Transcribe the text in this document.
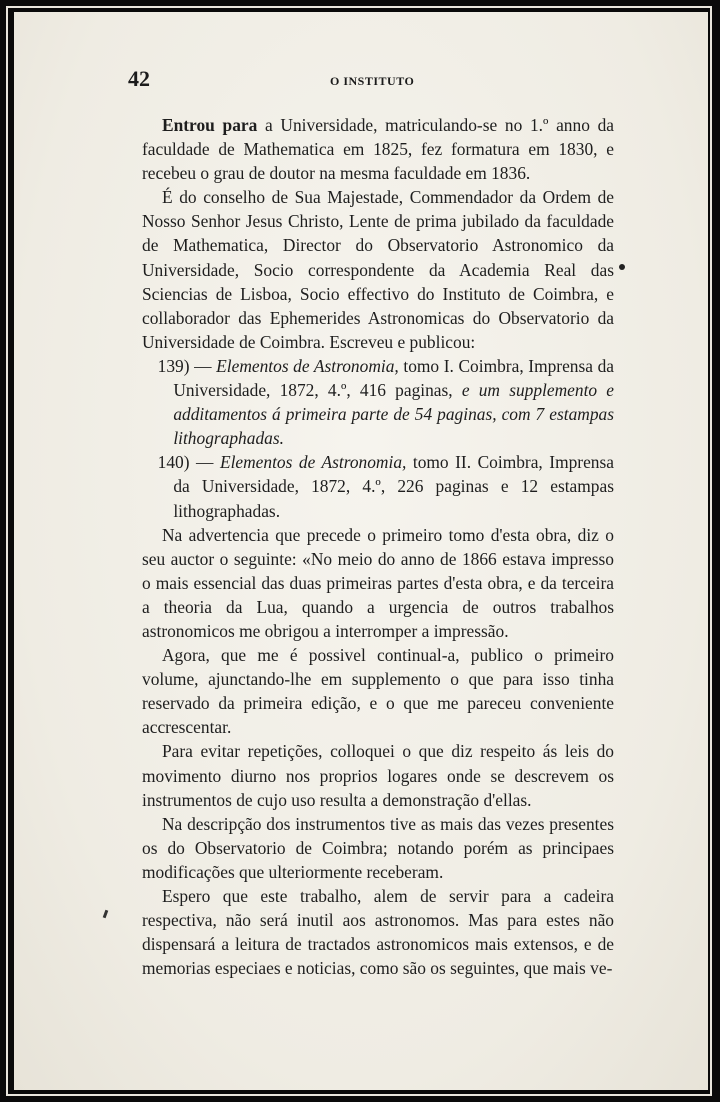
42	O INSTITUTO

Entrou para a Universidade, matriculando-se no 1.º anno da faculdade de Mathematica em 1825, fez formatura em 1830, e recebeu o grau de doutor na mesma faculdade em 1836.

É do conselho de Sua Majestade, Commendador da Ordem de Nosso Senhor Jesus Christo, Lente de prima jubilado da faculdade de Mathematica, Director do Observatorio Astronomico da Universidade, Socio correspondente da Academia Real das Sciencias de Lisboa, Socio effectivo do Instituto de Coimbra, e collaborador das Ephemerides Astronomicas do Observatorio da Universidade de Coimbra. Escreveu e publicou:

139) — Elementos de Astronomia, tomo I. Coimbra, Imprensa da Universidade, 1872, 4.º, 416 paginas, e um supplemento e additamentos á primeira parte de 54 paginas, com 7 estampas lithographadas.

140) — Elementos de Astronomia, tomo II. Coimbra, Imprensa da Universidade, 1872, 4.º, 226 paginas e 12 estampas lithographadas.

Na advertencia que precede o primeiro tomo d'esta obra, diz o seu auctor o seguinte: «No meio do anno de 1866 estava impresso o mais essencial das duas primeiras partes d'esta obra, e da terceira a theoria da Lua, quando a urgencia de outros trabalhos astronomicos me obrigou a interromper a impressão.

Agora, que me é possivel continual-a, publico o primeiro volume, ajunctando-lhe em supplemento o que para isso tinha reservado da primeira edição, e o que me pareceu conveniente accrescentar.

Para evitar repetições, colloquei o que diz respeito ás leis do movimento diurno nos proprios logares onde se descrevem os instrumentos de cujo uso resulta a demonstração d'ellas.

Na descripção dos instrumentos tive as mais das vezes presentes os do Observatorio de Coimbra; notando porém as principaes modificações que ulteriormente receberam.

Espero que este trabalho, alem de servir para a cadeira respectiva, não será inutil aos astronomos. Mas para estes não dispensará a leitura de tractados astronomicos mais extensos, e de memorias especiaes e noticias, como são os seguintes, que mais ve-
